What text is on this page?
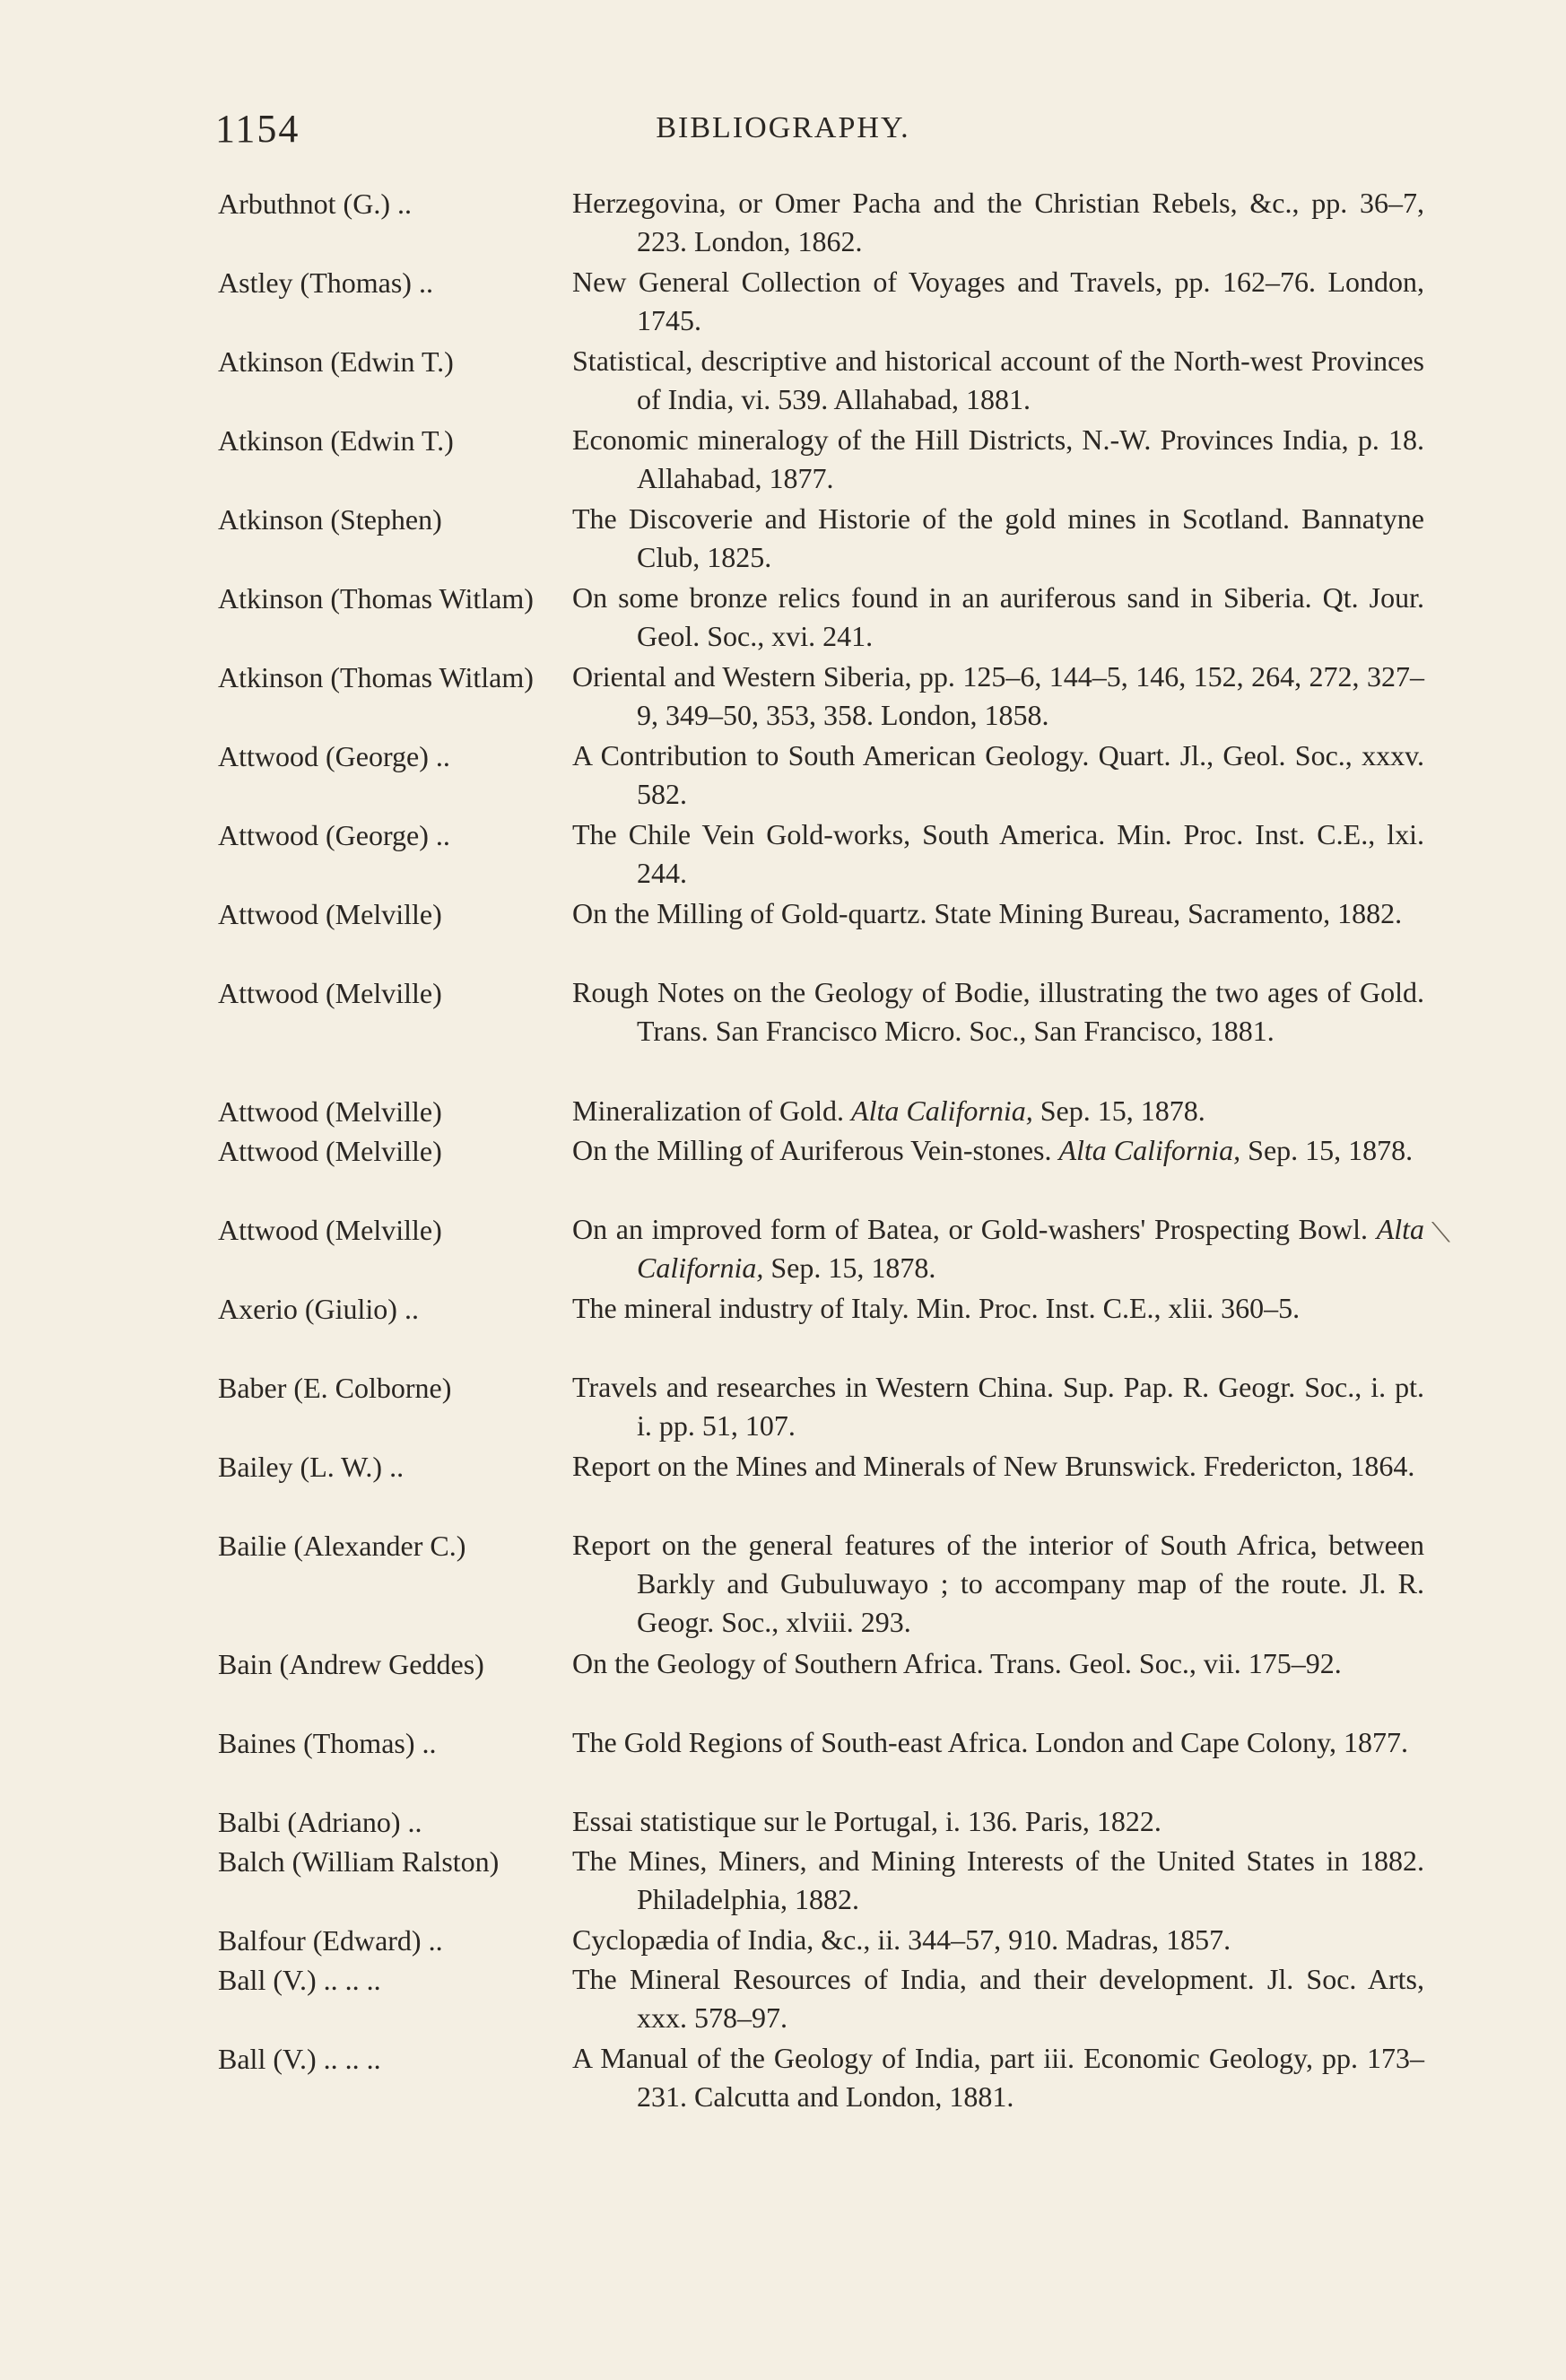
1154	BIBLIOGRAPHY.
Arbuthnot (G.) ..	Herzegovina, or Omer Pacha and the Christian Rebels, &c., pp. 36–7, 223. London, 1862.
Astley (Thomas) ..	New General Collection of Voyages and Travels, pp. 162–76. London, 1745.
Atkinson (Edwin T.)	Statistical, descriptive and historical account of the North-west Provinces of India, vi. 539. Allahabad, 1881.
Atkinson (Edwin T.)	Economic mineralogy of the Hill Districts, N.-W. Provinces India, p. 18. Allahabad, 1877.
Atkinson (Stephen)	The Discoverie and Historie of the gold mines in Scotland. Bannatyne Club, 1825.
Atkinson (Thomas Witlam) On some bronze relics found in an auriferous sand in Siberia. Qt. Jour. Geol. Soc., xvi. 241.
Atkinson (Thomas Witlam) Oriental and Western Siberia, pp. 125–6, 144–5, 146, 152, 264, 272, 327–9, 349–50, 353, 358. London, 1858.
Attwood (George) ..	A Contribution to South American Geology. Quart. Jl., Geol. Soc., xxxv. 582.
Attwood (George) ..	The Chile Vein Gold-works, South America. Min. Proc. Inst. C.E., lxi. 244.
Attwood (Melville)	On the Milling of Gold-quartz. State Mining Bureau, Sacramento, 1882.
Attwood (Melville)	Rough Notes on the Geology of Bodie, illustrating the two ages of Gold. Trans. San Francisco Micro. Soc., San Francisco, 1881.
Attwood (Melville)	Mineralization of Gold. Alta California, Sep. 15, 1878.
Attwood (Melville)	On the Milling of Auriferous Vein-stones. Alta California, Sep. 15, 1878.
Attwood (Melville)	On an improved form of Batea, or Gold-washers' Prospecting Bowl. Alta California, Sep. 15, 1878.
Axerio (Giulio) ..	The mineral industry of Italy. Min. Proc. Inst. C.E., xlii. 360–5.
Baber (E. Colborne)	Travels and researches in Western China. Sup. Pap. R. Geogr. Soc., i. pt. i. pp. 51, 107.
Bailey (L. W.) ..	Report on the Mines and Minerals of New Brunswick. Fredericton, 1864.
Bailie (Alexander C.)	Report on the general features of the interior of South Africa, between Barkly and Gubuluwayo ; to accompany map of the route. Jl. R. Geogr. Soc., xlviii. 293.
Bain (Andrew Geddes)	On the Geology of Southern Africa. Trans. Geol. Soc., vii. 175–92.
Baines (Thomas) ..	The Gold Regions of South-east Africa. London and Cape Colony, 1877.
Balbi (Adriano) ..	Essai statistique sur le Portugal, i. 136. Paris, 1822.
Balch (William Ralston)	The Mines, Miners, and Mining Interests of the United States in 1882. Philadelphia, 1882.
Balfour (Edward) ..	Cyclopædia of India, &c., ii. 344–57, 910. Madras, 1857.
Ball (V.) .. .. ..	The Mineral Resources of India, and their development. Jl. Soc. Arts, xxx. 578–97.
Ball (V.) .. .. ..	A Manual of the Geology of India, part iii. Economic Geology, pp. 173–231. Calcutta and London, 1881.
⟍
